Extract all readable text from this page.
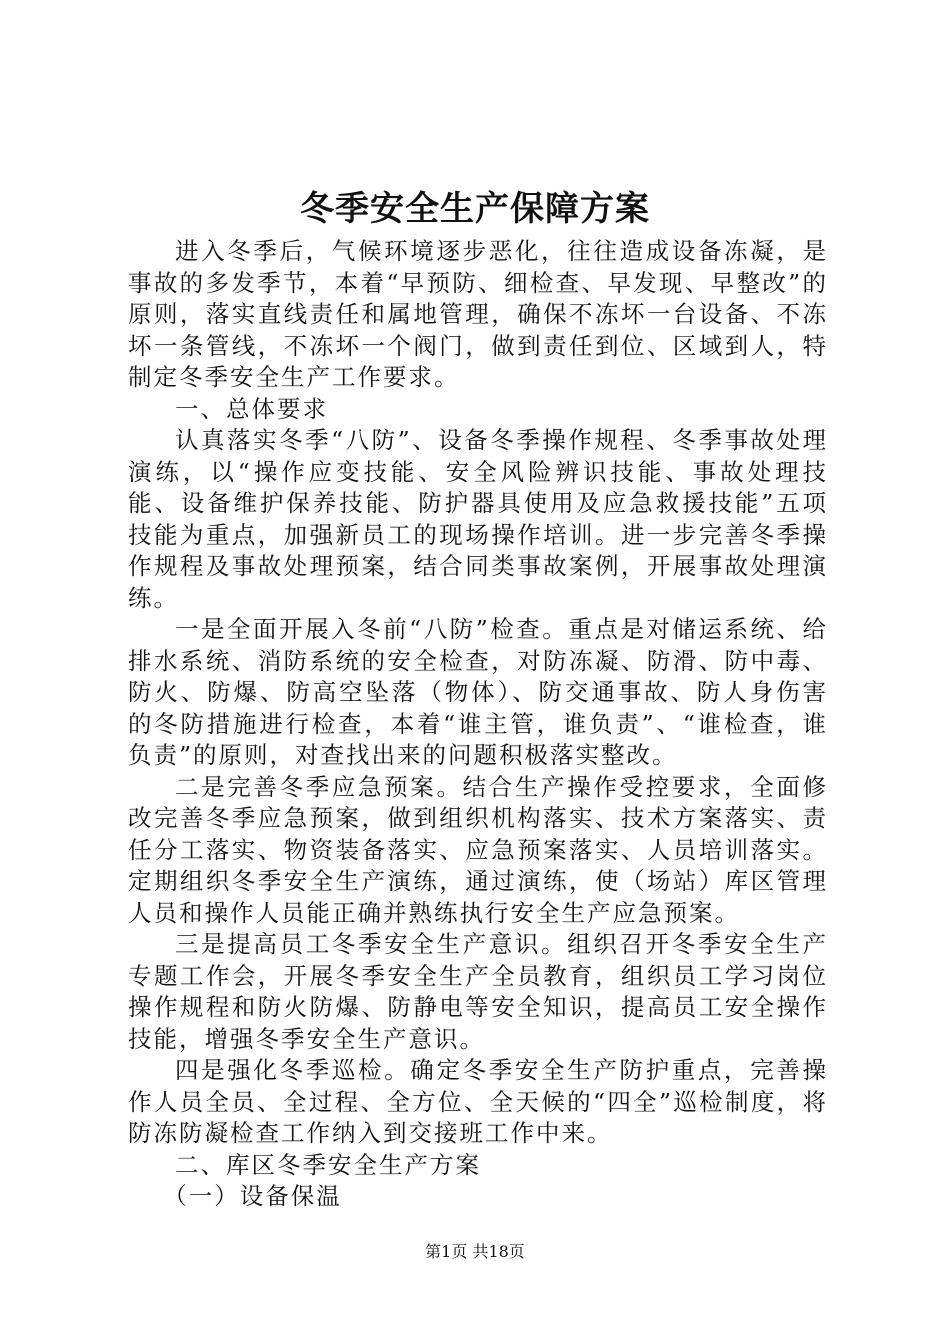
冬季安全生产保障方案

进入冬季后，气候环境逐步恶化，往往造成设备冻凝，是事故的多发季节，本着“早预防、细检查、早发现、早整改”的原则，落实直线责任和属地管理，确保不冻坏一台设备、不冻坏一条管线，不冻坏一个阀门，做到责任到位、区域到人，特制定冬季安全生产工作要求。

一、总体要求

认真落实冬季“八防”、设备冬季操作规程、冬季事故处理演练，以“操作应变技能、安全风险辨识技能、事故处理技能、设备维护保养技能、防护器具使用及应急救援技能”五项技能为重点，加强新员工的现场操作培训。进一步完善冬季操作规程及事故处理预案，结合同类事故案例，开展事故处理演练。

一是全面开展入冬前“八防”检查。重点是对储运系统、给排水系统、消防系统的安全检查，对防冻凝、防滑、防中毒、防火、防爆、防高空坠落（物体）、防交通事故、防人身伤害的冬防措施进行检查，本着“谁主管，谁负责”、“谁检查，谁负责”的原则，对查找出来的问题积极落实整改。

二是完善冬季应急预案。结合生产操作受控要求，全面修改完善冬季应急预案，做到组织机构落实、技术方案落实、责任分工落实、物资装备落实、应急预案落实、人员培训落实。定期组织冬季安全生产演练，通过演练，使（场站）库区管理人员和操作人员能正确并熟练执行安全生产应急预案。

三是提高员工冬季安全生产意识。组织召开冬季安全生产专题工作会，开展冬季安全生产全员教育，组织员工学习岗位操作规程和防火防爆、防静电等安全知识，提高员工安全操作技能，增强冬季安全生产意识。

四是强化冬季巡检。确定冬季安全生产防护重点，完善操作人员全员、全过程、全方位、全天候的“四全”巡检制度，将防冻防凝检查工作纳入到交接班工作中来。

二、库区冬季安全生产方案

（一）设备保温

第1页 共18页
